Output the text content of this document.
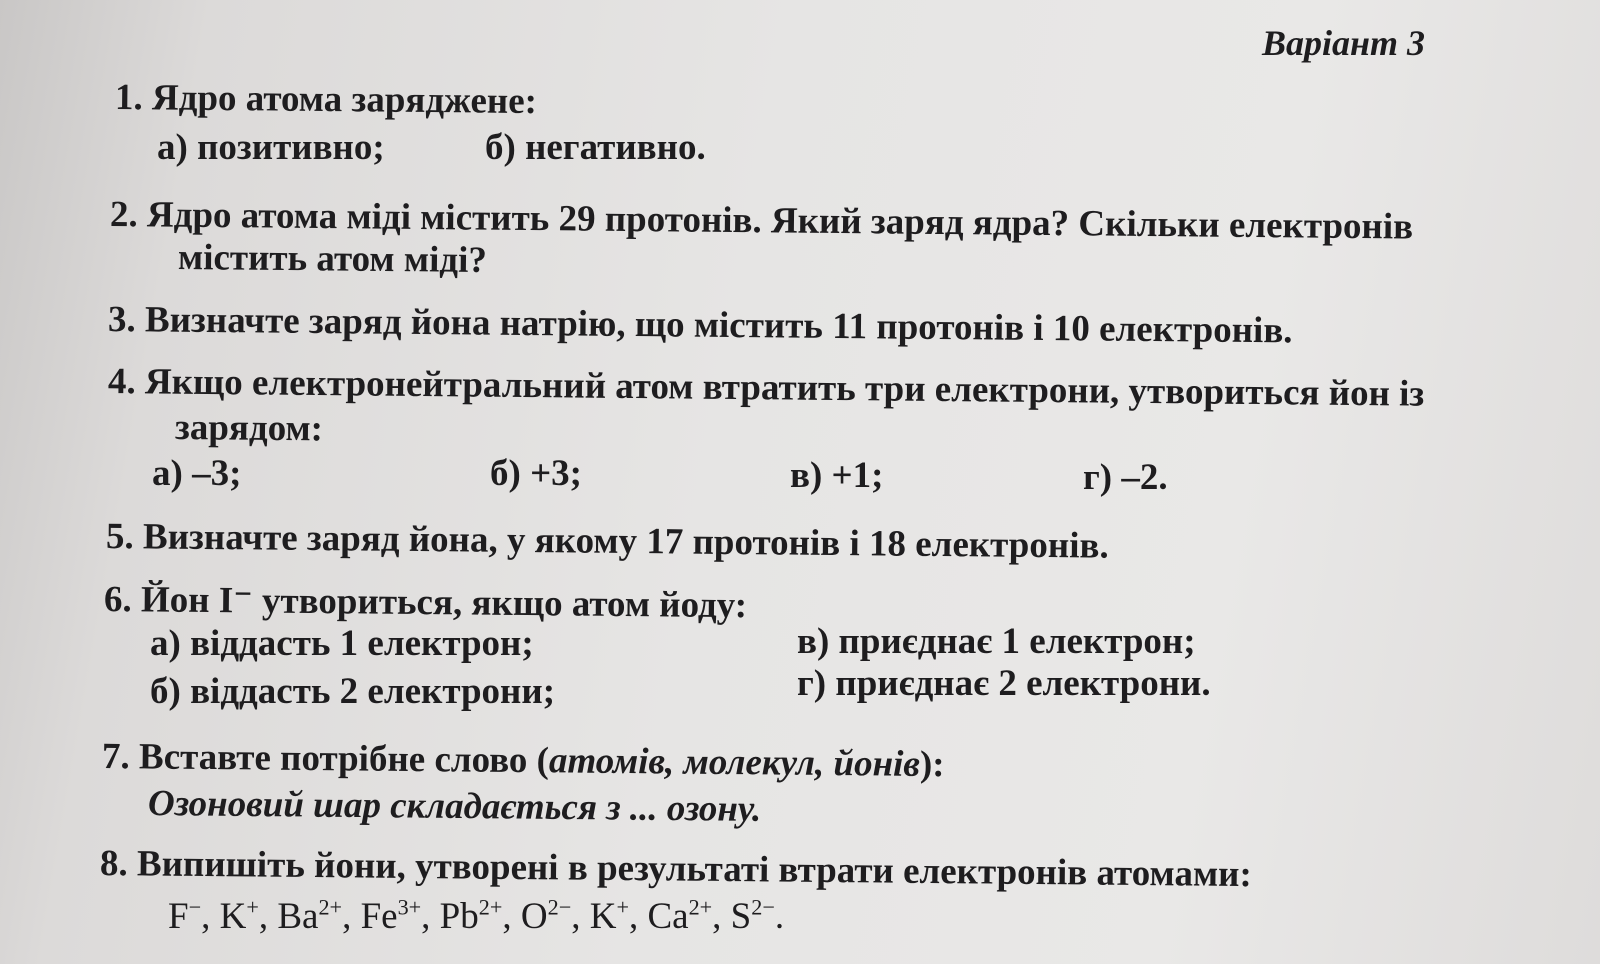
Варіант 3
1. Ядро атома заряджене:
а) позитивно;	б) негативно.
2. Ядро атома міді містить 29 протонів. Який заряд ядра? Скільки електронів
містить атом міді?
3. Визначте заряд йона натрію, що містить 11 протонів і 10 електронів.
4. Якщо електронейтральний атом втратить три електрони, утвориться йон із
зарядом:
а) –3;	б) +3;	в) +1;	г) –2.
5. Визначте заряд йона, у якому 17 протонів і 18 електронів.
6. Йон I⁻ утвориться, якщо атом йоду:
а) віддасть 1 електрон;
б) віддасть 2 електрони;
в) приєднає 1 електрон;
г) приєднає 2 електрони.
7. Вставте потрібне слово (атомів, молекул, йонів):
Озоновий шар складається з ... озону.
8. Випишіть йони, утворені в результаті втрати електронів атомами:
F−, K+, $Ba^{2+}$, $Fe^{3+}$, $Pb^{2+}$, $O^{2-}$, K+, $Ca^{2+}$, $S^{2-}$.
